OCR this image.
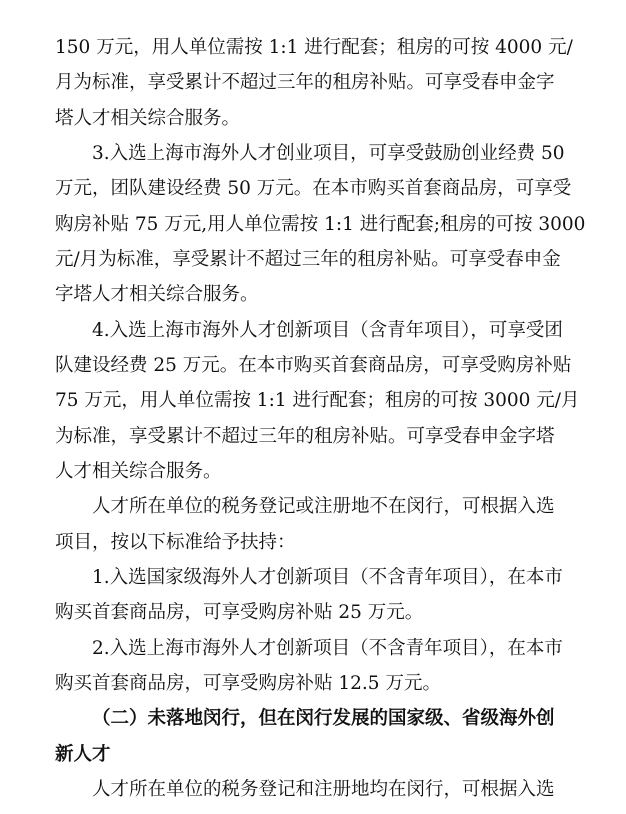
150 万元，用人单位需按 1:1 进行配套；租房的可按 4000 元/
月为标准，享受累计不超过三年的租房补贴。可享受春申金字
塔人才相关综合服务。
3.入选上海市海外人才创业项目，可享受鼓励创业经费 50
万元，团队建设经费 50 万元。在本市购买首套商品房，可享受
购房补贴 75 万元,用人单位需按 1:1 进行配套;租房的可按 3000
元/月为标准，享受累计不超过三年的租房补贴。可享受春申金
字塔人才相关综合服务。
4.入选上海市海外人才创新项目（含青年项目），可享受团
队建设经费 25 万元。在本市购买首套商品房，可享受购房补贴
75 万元，用人单位需按 1:1 进行配套；租房的可按 3000 元/月
为标准，享受累计不超过三年的租房补贴。可享受春申金字塔
人才相关综合服务。
人才所在单位的税务登记或注册地不在闵行，可根据入选
项目，按以下标准给予扶持：
1.入选国家级海外人才创新项目（不含青年项目），在本市
购买首套商品房，可享受购房补贴 25 万元。
2.入选上海市海外人才创新项目（不含青年项目），在本市
购买首套商品房，可享受购房补贴 12.5 万元。
（二）未落地闵行，但在闵行发展的国家级、省级海外创
新人才
人才所在单位的税务登记和注册地均在闵行，可根据入选
